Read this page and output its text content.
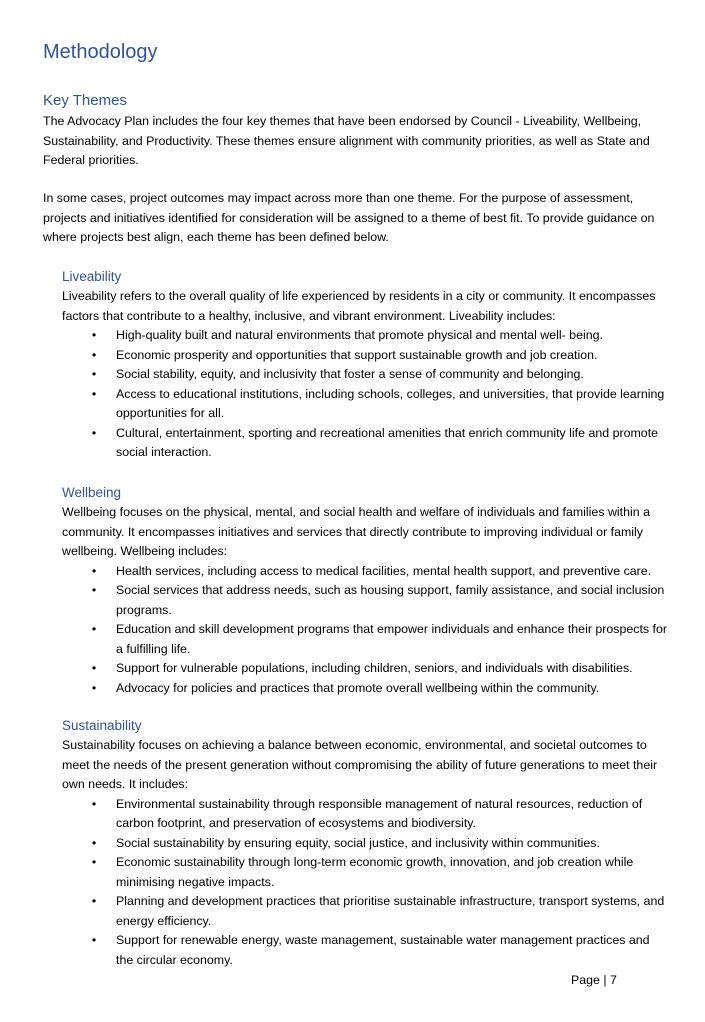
Methodology
Key Themes

The Advocacy Plan includes the four key themes that have been endorsed by Council - Liveability, Wellbeing, Sustainability, and Productivity. These themes ensure alignment with community priorities, as well as State and Federal priorities.

In some cases, project outcomes may impact across more than one theme. For the purpose of assessment, projects and initiatives identified for consideration will be assigned to a theme of best fit. To provide guidance on where projects best align, each theme has been defined below.

Liveability

Liveability refers to the overall quality of life experienced by residents in a city or community. It encompasses factors that contribute to a healthy, inclusive, and vibrant environment. Liveability includes:

• High-quality built and natural environments that promote physical and mental well- being.
• Economic prosperity and opportunities that support sustainable growth and job creation.
• Social stability, equity, and inclusivity that foster a sense of community and belonging.
• Access to educational institutions, including schools, colleges, and universities, that provide learning opportunities for all.
• Cultural, entertainment, sporting and recreational amenities that enrich community life and promote social interaction.
Wellbeing

Wellbeing focuses on the physical, mental, and social health and welfare of individuals and families within a community. It encompasses initiatives and services that directly contribute to improving individual or family wellbeing. Wellbeing includes:

• Health services, including access to medical facilities, mental health support, and preventive care.
• Social services that address needs, such as housing support, family assistance, and social inclusion programs.
• Education and skill development programs that empower individuals and enhance their prospects for a fulfilling life.
• Support for vulnerable populations, including children, seniors, and individuals with disabilities.
• Advocacy for policies and practices that promote overall wellbeing within the community.
Sustainability

Sustainability focuses on achieving a balance between economic, environmental, and societal outcomes to meet the needs of the present generation without compromising the ability of future generations to meet their own needs. It includes:

• Environmental sustainability through responsible management of natural resources, reduction of carbon footprint, and preservation of ecosystems and biodiversity.
• Social sustainability by ensuring equity, social justice, and inclusivity within communities.
• Economic sustainability through long-term economic growth, innovation, and job creation while minimising negative impacts.
• Planning and development practices that prioritise sustainable infrastructure, transport systems, and energy efficiency.
• Support for renewable energy, waste management, sustainable water management practices and the circular economy.
Page | 7
